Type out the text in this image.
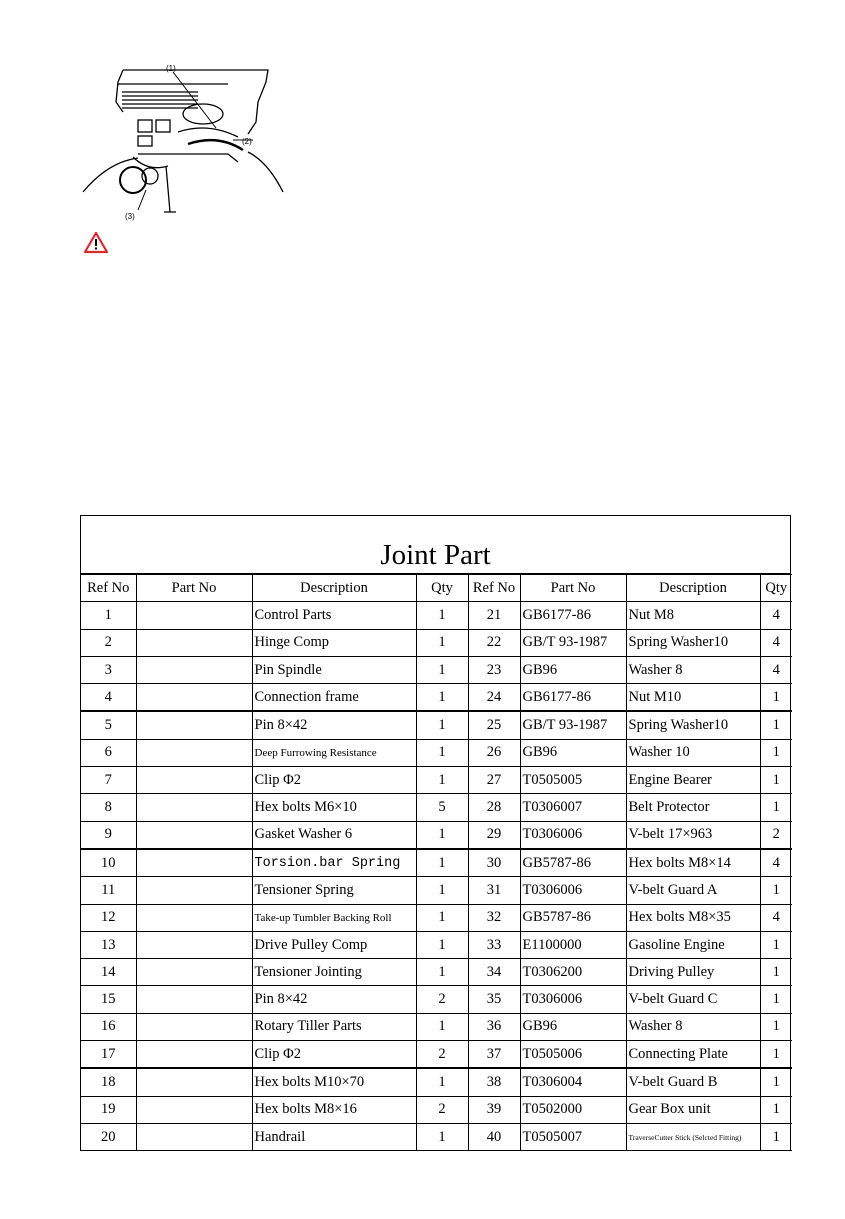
(1)
(2)
(3)
Joint Part
Ref No	Part No	Description	Qty	Ref No	Part No	Description	Qty
1		Control Parts	1	21	GB6177-86	Nut M8	4
2		Hinge Comp	1	22	GB/T 93-1987	Spring Washer10	4
3		Pin Spindle	1	23	GB96	Washer 8	4
4		Connection frame	1	24	GB6177-86	Nut M10	1
5		Pin 8×42	1	25	GB/T 93-1987	Spring Washer10	1
6		Deep Furrowing Resistance	1	26	GB96	Washer 10	1
7		Clip Φ2	1	27	T0505005	Engine Bearer	1
8		Hex bolts M6×10	5	28	T0306007	Belt Protector	1
9		Gasket Washer 6	1	29	T0306006	V-belt 17×963	2
10		Torsion.bar Spring	1	30	GB5787-86	Hex bolts M8×14	4
11		Tensioner Spring	1	31	T0306006	V-belt Guard A	1
12		Take-up Tumbler Backing Roll	1	32	GB5787-86	Hex bolts M8×35	4
13		Drive Pulley Comp	1	33	E1100000	Gasoline Engine	1
14		Tensioner Jointing	1	34	T0306200	Driving Pulley	1
15		Pin 8×42	2	35	T0306006	V-belt Guard C	1
16		Rotary Tiller Parts	1	36	GB96	Washer 8	1
17		Clip Φ2	2	37	T0505006	Connecting Plate	1
18		Hex bolts M10×70	1	38	T0306004	V-belt Guard B	1
19		Hex bolts M8×16	2	39	T0502000	Gear Box unit	1
20		Handrail	1	40	T0505007	TraverseCutter Stick (Selcted Fitting)	1
